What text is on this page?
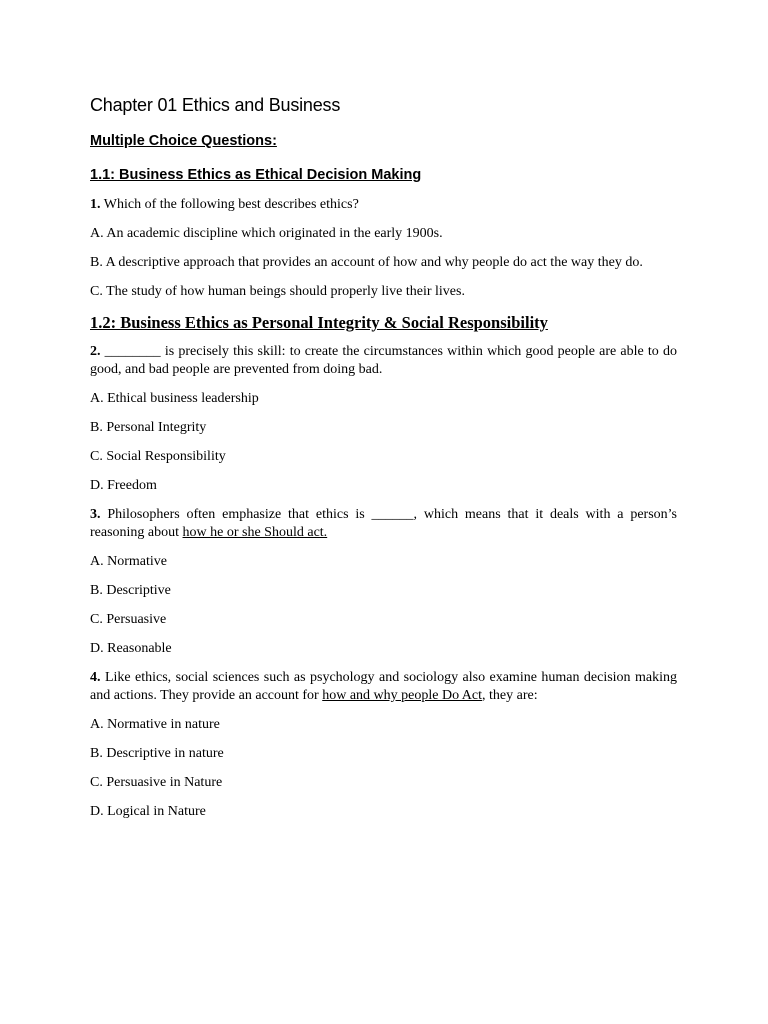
Chapter 01 Ethics and Business
Multiple Choice Questions:
1.1: Business Ethics as Ethical Decision Making

1. Which of the following best describes ethics?

A. An academic discipline which originated in the early 1900s.

B. A descriptive approach that provides an account of how and why people do act the way they do.

C. The study of how human beings should properly live their lives.

1.2: Business Ethics as Personal Integrity & Social Responsibility

2. ________ is precisely this skill: to create the circumstances within which good people are able to do good, and bad people are prevented from doing bad.

A. Ethical business leadership

B. Personal Integrity

C. Social Responsibility

D. Freedom

3. Philosophers often emphasize that ethics is ______, which means that it deals with a person’s reasoning about how he or she Should act.

A. Normative

B. Descriptive

C. Persuasive

D. Reasonable

4. Like ethics, social sciences such as psychology and sociology also examine human decision making and actions. They provide an account for how and why people Do Act, they are:

A. Normative in nature

B. Descriptive in nature

C. Persuasive in Nature

D. Logical in Nature
